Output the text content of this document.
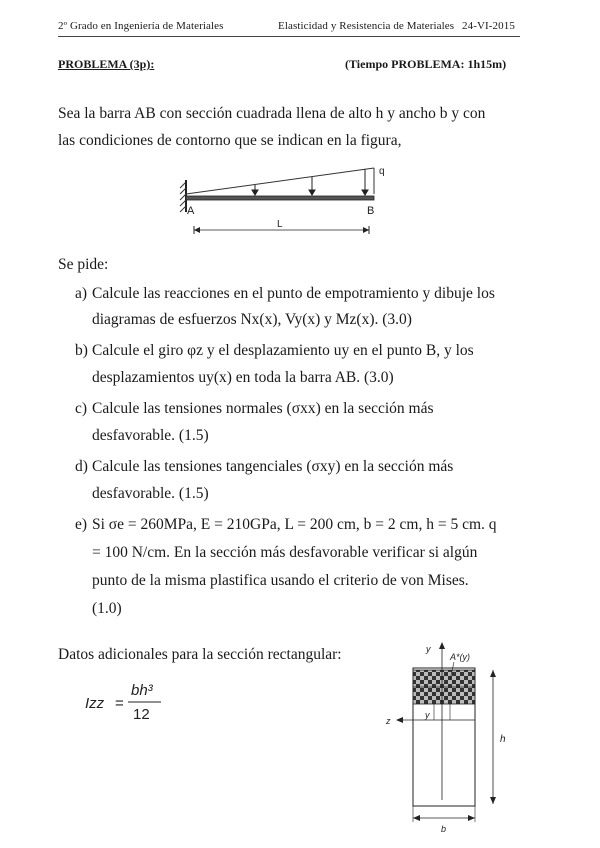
2º Grado en Ingeniería de Materiales	Elasticidad y Resistencia de Materiales 24-VI-2015
PROBLEMA (3p):	(Tiempo PROBLEMA: 1h15m)
Sea la barra AB con sección cuadrada llena de alto h y ancho b y con
las condiciones de contorno que se indican en la figura,
q
A	B
L
Se pide:
a) Calcule las reacciones en el punto de empotramiento y dibuje los
diagramas de esfuerzos Nx(x), Vy(x) y Mz(x). (3.0)
b) Calcule el giro φz y el desplazamiento uy en el punto B, y los
desplazamientos uy(x) en toda la barra AB. (3.0)
c) Calcule las tensiones normales (σxx) en la sección más
desfavorable. (1.5)
d) Calcule las tensiones tangenciales (σxy) en la sección más
desfavorable. (1.5)
e) Si σe = 260MPa, E = 210GPa, L = 200 cm, b = 2 cm, h = 5 cm. q
= 100 N/cm. En la sección más desfavorable verificar si algún
punto de la misma plastifica usando el criterio de von Mises.
(1.0)
Datos adicionales para la sección rectangular:
Izz =
bh³
12
y
A*(y)
z
y
h
b
